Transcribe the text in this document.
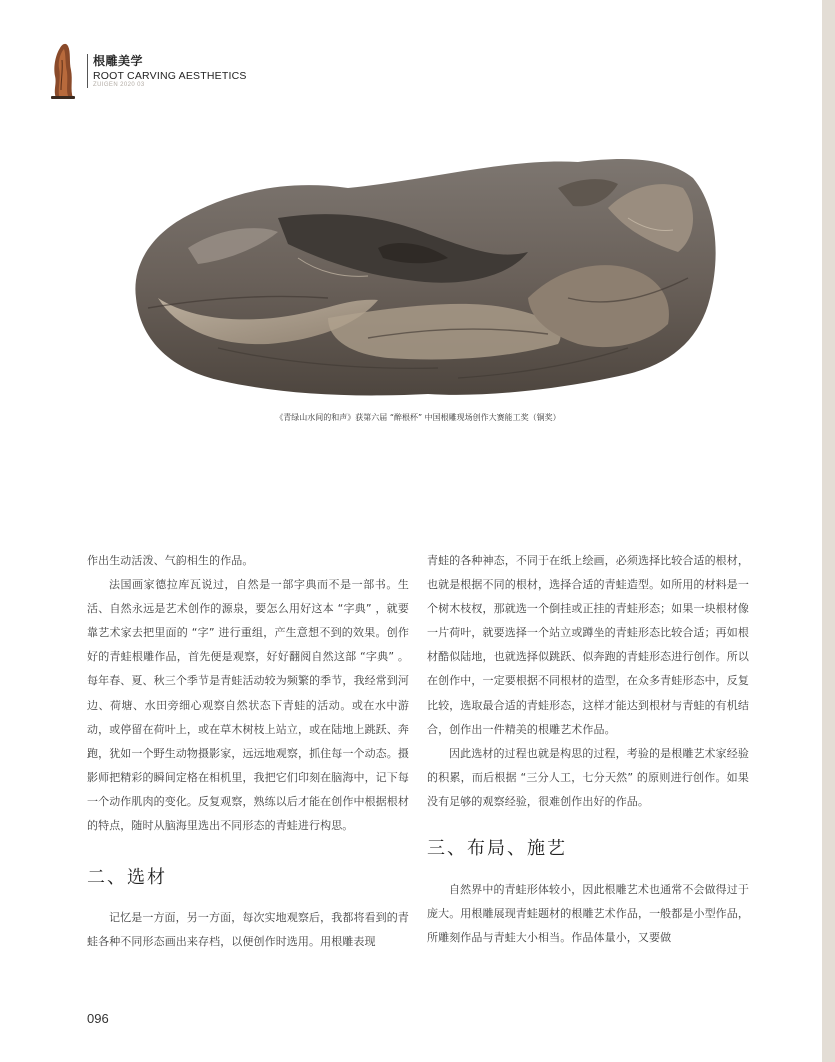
根雕美学
ROOT CARVING AESTHETICS
ZUIGEN 2020 03
《青绿山水间的和声》获第六届 “醉根杯” 中国根雕现场创作大赛能工奖（铜奖）

作出生动活泼、气韵相生的作品。

法国画家德拉库瓦说过，自然是一部字典而不是一部书。生活、自然永远是艺术创作的源泉，要怎么用好这本 “字典” ，就要靠艺术家去把里面的 “字” 进行重组，产生意想不到的效果。创作好的青蛙根雕作品，首先便是观察，好好翻阅自然这部 “字典” 。每年春、夏、秋三个季节是青蛙活动较为频繁的季节，我经常到河边、荷塘、水田旁细心观察自然状态下青蛙的活动。或在水中游动，或停留在荷叶上，或在草木树枝上站立，或在陆地上跳跃、奔跑，犹如一个野生动物摄影家，远远地观察，抓住每一个动态。摄影师把精彩的瞬间定格在相机里，我把它们印刻在脑海中，记下每一个动作肌肉的变化。反复观察，熟练以后才能在创作中根据根材的特点，随时从脑海里选出不同形态的青蛙进行构思。

二、选材

记忆是一方面，另一方面，每次实地观察后，我都将看到的青蛙各种不同形态画出来存档，以便创作时选用。用根雕表现

青蛙的各种神态，不同于在纸上绘画，必须选择比较合适的根材，也就是根据不同的根材，选择合适的青蛙造型。如所用的材料是一个树木枝杈，那就选一个倒挂或正挂的青蛙形态；如果一块根材像一片荷叶，就要选择一个站立或蹲坐的青蛙形态比较合适；再如根材酷似陆地，也就选择似跳跃、似奔跑的青蛙形态进行创作。所以在创作中，一定要根据不同根材的造型，在众多青蛙形态中，反复比较，选取最合适的青蛙形态，这样才能达到根材与青蛙的有机结合，创作出一件精美的根雕艺术作品。

因此选材的过程也就是构思的过程，考验的是根雕艺术家经验的积累，而后根据 “三分人工，七分天然” 的原则进行创作。如果没有足够的观察经验，很难创作出好的作品。

三、布局、施艺

自然界中的青蛙形体较小，因此根雕艺术也通常不会做得过于庞大。用根雕展现青蛙题材的根雕艺术作品，一般都是小型作品，所雕刻作品与青蛙大小相当。作品体量小，又要做

096
